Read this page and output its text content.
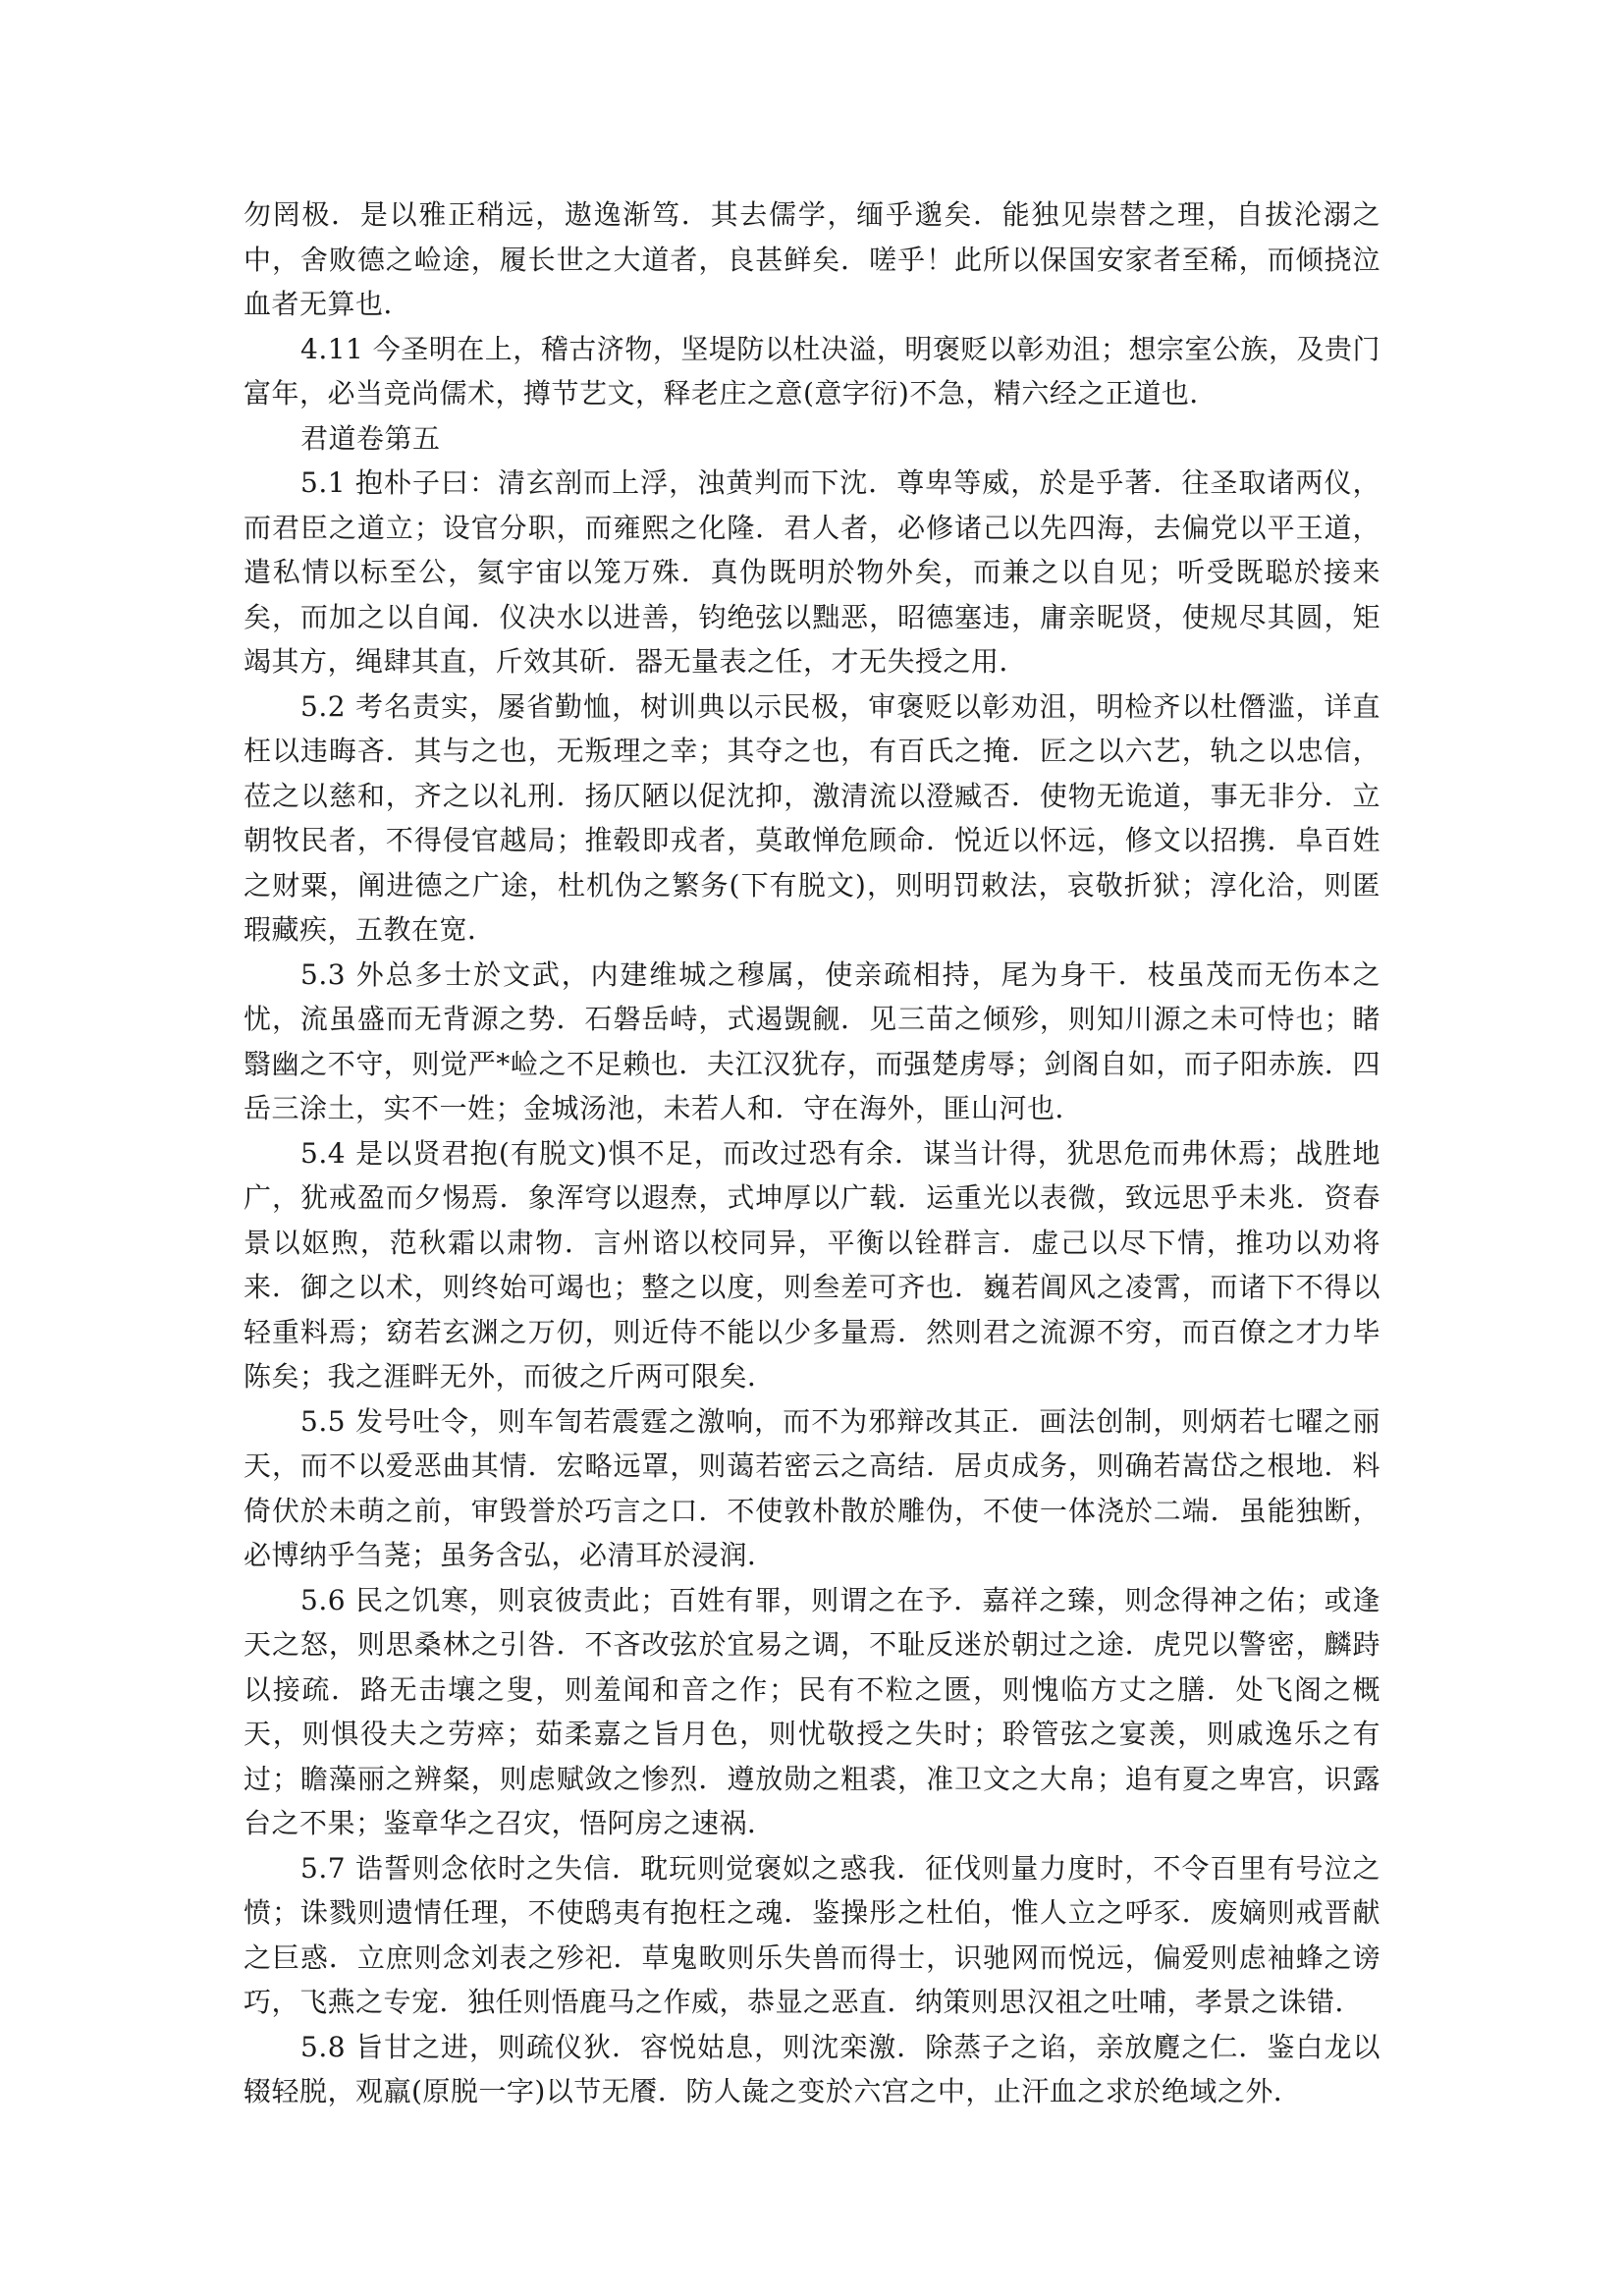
勿罔极．是以雅正稍远，遨逸渐笃．其去儒学，缅乎邈矣．能独见崇替之理，自拔沦溺之中，舍败德之崄途，履长世之大道者，良甚鲜矣．嗟乎！此所以保国安家者至稀，而倾挠泣血者无算也．

4.11 今圣明在上，稽古济物，坚堤防以杜决溢，明褒贬以彰劝沮；想宗室公族，及贵门富年，必当竞尚儒术，撙节艺文，释老庄之意(意字衍)不急，精六经之正道也．

君道卷第五

5.1 抱朴子曰：清玄剖而上浮，浊黄判而下沈．尊卑等威，於是乎著．往圣取诸两仪，而君臣之道立；设官分职，而雍熙之化隆．君人者，必修诸己以先四海，去偏党以平王道，遣私情以标至公，氦宇宙以笼万殊．真伪既明於物外矣，而兼之以自见；听受既聪於接来矣，而加之以自闻．仪决水以进善，钧绝弦以黜恶，昭德塞违，庸亲昵贤，使规尽其圆，矩竭其方，绳肆其直，斤效其斫．器无量表之任，才无失授之用．

5.2 考名责实，屡省勤恤，树训典以示民极，审褒贬以彰劝沮，明检齐以杜僭滥，详直枉以违晦吝．其与之也，无叛理之幸；其夺之也，有百氏之掩．匠之以六艺，轨之以忠信，莅之以慈和，齐之以礼刑．扬仄陋以促沈抑，激清流以澄臧否．使物无诡道，事无非分．立朝牧民者，不得侵官越局；推毂即戎者，莫敢惮危顾命．悦近以怀远，修文以招携．阜百姓之财粟，阐进德之广途，杜机伪之繁务(下有脱文)，则明罚敕法，哀敬折狱；淳化洽，则匿瑕藏疾，五教在宽．

5.3 外总多士於文武，内建维城之穆属，使亲疏相持，尾为身干．枝虽茂而无伤本之忧，流虽盛而无背源之势．石磐岳峙，式遏覬觎．见三苗之倾殄，则知川源之未可恃也；睹翳幽之不守，则觉严*崄之不足赖也．夫江汉犹存，而强楚虏辱；剑阁自如，而子阳赤族．四岳三涂土，实不一姓；金城汤池，未若人和．守在海外，匪山河也．

5.4 是以贤君抱(有脱文)惧不足，而改过恐有余．谋当计得，犹思危而弗休焉；战胜地广，犹戒盈而夕惕焉．象浑穹以遐焘，式坤厚以广载．运重光以表微，致远思乎未兆．资春景以妪煦，范秋霜以肃物．言州谘以校同异，平衡以铨群言．虚己以尽下情，推功以劝将来．御之以术，则终始可竭也；整之以度，则叁差可齐也．巍若阊风之凌霄，而诸下不得以轻重料焉；窈若玄渊之万仞，则近侍不能以少多量焉．然则君之流源不穷，而百僚之才力毕陈矣；我之涯畔无外，而彼之斤两可限矣．

5.5 发号吐令，则车訇若震霆之激响，而不为邪辩改其正．画法创制，则炳若七曜之丽天，而不以爱恶曲其情．宏略远罩，则蔼若密云之高结．居贞成务，则确若嵩岱之根地．料倚伏於未萌之前，审毁誉於巧言之口．不使敦朴散於雕伪，不使一体浇於二端．虽能独断，必博纳乎刍荛；虽务含弘，必清耳於浸润．

5.6 民之饥寒，则哀彼责此；百姓有罪，则谓之在予．嘉祥之臻，则念得神之佑；或逢天之怒，则思桑林之引咎．不吝改弦於宜易之调，不耻反迷於朝过之途．虎兕以警密，麟跱以接疏．路无击壤之叟，则羞闻和音之作；民有不粒之匮，则愧临方丈之膳．处飞阁之概天，则惧役夫之劳瘁；茹柔嘉之旨月色，则忧敬授之失时；聆管弦之宴羡，则戚逸乐之有过；瞻藻丽之辨粲，则虑赋敛之惨烈．遵放勋之粗裘，准卫文之大帛；追有夏之卑宫，识露台之不果；鉴章华之召灾，悟阿房之速祸．

5.7 诰誓则念依时之失信．耽玩则觉褒姒之惑我．征伐则量力度时，不令百里有号泣之愤；诛戮则遗情任理，不使鸱夷有抱枉之魂．鉴操彤之杜伯，惟人立之呼豕．废嫡则戒晋献之巨惑．立庶则念刘表之殄祀．草鬼畋则乐失兽而得士，识驰网而悦远，偏爱则虑袖蜂之谤巧，飞燕之专宠．独任则悟鹿马之作威，恭显之恶直．纳策则思汉祖之吐哺，孝景之诛错．

5.8 旨甘之进，则疏仪狄．容悦姑息，则沈栾激．除蒸子之谄，亲放麑之仁．鉴白龙以辍轻脱，观羸(原脱一字)以节无餍．防人彘之变於六宫之中，止汗血之求於绝域之外．
